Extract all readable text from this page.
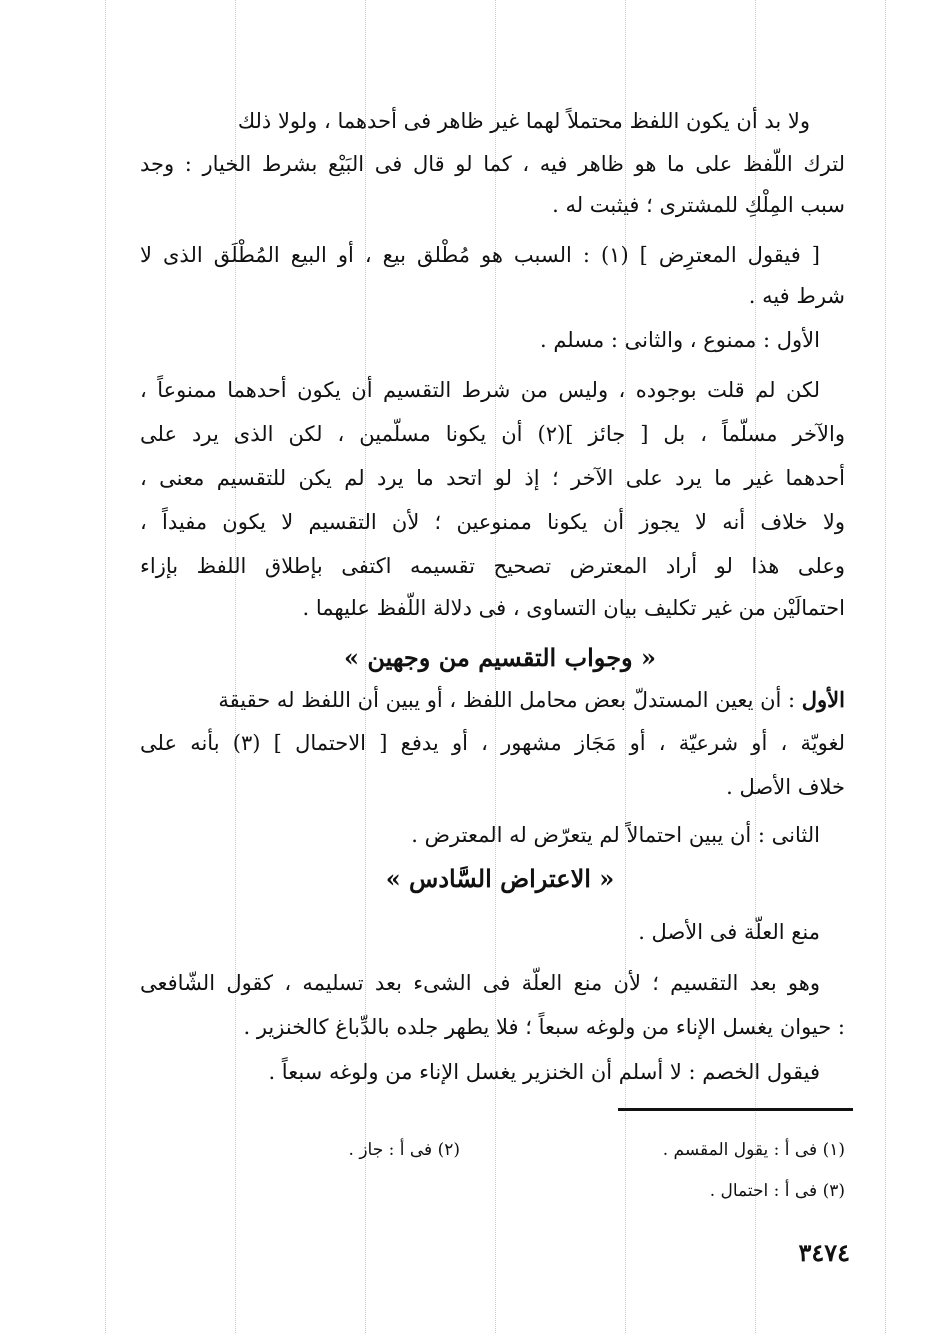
ولا بد أن يكون اللفظ محتملاً لهما غير ظاهر فى أحدهما ، ولولا ذلك
لترك اللّفظ على ما هو ظاهر فيه ، كما لو قال فى البَيْع بشرط الخيار : وجد
سبب المِلْكِ للمشترى ؛ فيثبت له .
[ فيقول المعترِض ] (١) : السبب هو مُطْلق بيع ، أو البيع المُطْلَق الذى لا
شرط فيه .
الأول : ممنوع ، والثانى : مسلم .
لكن لم قلت بوجوده ، وليس من شرط التقسيم أن يكون أحدهما ممنوعاً ،
والآخر مسلّماً ، بل [ جائز ](٢) أن يكونا مسلّمين ، لكن الذى يرد على
أحدهما غير ما يرد على الآخر ؛ إذ لو اتحد ما يرد لم يكن للتقسيم معنى ،
ولا خلاف أنه لا يجوز أن يكونا ممنوعين ؛ لأن التقسيم لا يكون مفيداً ،
وعلى هذا لو أراد المعترض تصحيح تقسيمه اكتفى بإطلاق اللفظ بإزاء
احتمالَيْن من غير تكليف بيان التساوى ، فى دلالة اللّفظ عليهما .
« وجواب التقسيم من وجهين »
الأول : أن يعين المستدلّ بعض محامل اللفظ ، أو يبين أن اللفظ له حقيقة
لغويّة ، أو شرعيّة ، أو مَجَاز مشهور ، أو يدفع [ الاحتمال ] (٣) بأنه على
خلاف الأصل .
الثانى : أن يبين احتمالاً لم يتعرّض له المعترض .
« الاعتراض السَّادس »
منع العلّة فى الأصل .
وهو بعد التقسيم ؛ لأن منع العلّة فى الشىء بعد تسليمه ، كقول الشّافعى
: حيوان يغسل الإناء من ولوغه سبعاً ؛ فلا يطهر جلده بالدِّباغ كالخنزير .
فيقول الخصم : لا أسلم أن الخنزير يغسل الإناء من ولوغه سبعاً .
(١) فى أ : يقول المقسم .
(٢) فى أ : جاز .
(٣) فى أ : احتمال .
٣٤٧٤
